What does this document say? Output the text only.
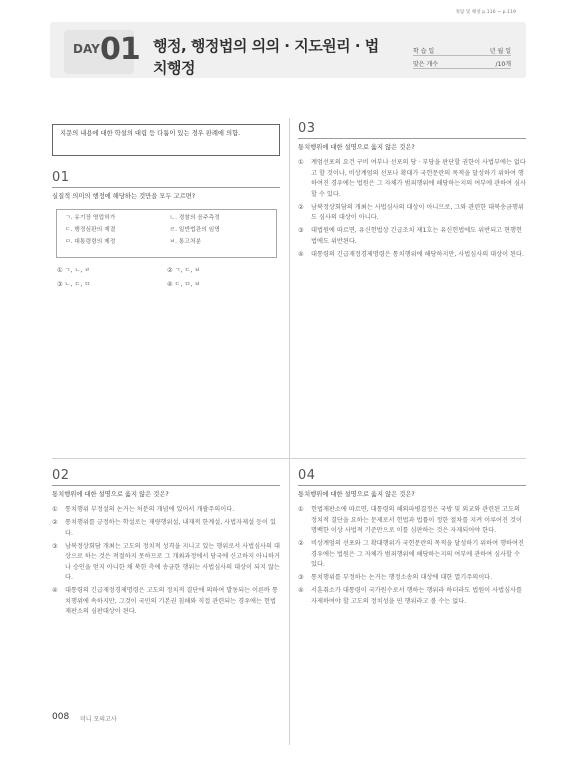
정답 및 해설 p.116 ~ p.119
DAY 01 행정, 행정법의 의의 · 지도원리 · 법치행정
학 습 일	년 월 일
맞은 개수	/10개
지문의 내용에 대한 학설의 대립 등 다툼이 있는 경우 판례에 의함.
01
실질적 의미의 행정에 해당하는 것만을 모두 고르면?
ㄱ. 유기장 영업허가	ㄴ. 경찰의 음주측정
ㄷ. 행정심판의 재결	ㄹ. 일반법관의 임명
ㅁ. 대통령령의 제정	ㅂ. 통고처분
① ㄱ, ㄴ, ㄹ	② ㄱ, ㄷ, ㅂ
③ ㄴ, ㄷ, ㅁ	④ ㄷ, ㅁ, ㅂ
02
통치행위에 대한 설명으로 옳지 않은 것은?
①	통치행위 부정설의 논거는 처분의 개념에 있어서 개괄주의이다.
②	통치행위를 긍정하는 학설로는 재량행위설, 내재적 한계설, 사법자제설 등이 있다.
③	남북정상회담 개최는 고도의 정치적 성격을 지니고 있는 행위로서 사법심사의 대상으로 하는 것은 적절하지 못하므로 그 개최과정에서 당국에 신고하지 아니하거나 승인을 얻지 아니한 채 북한 측에 송금한 행위는 사법심사의 대상이 되지 않는다.
④	대통령의 긴급재정경제명령은 고도의 정치적 결단에 의하여 발동되는 이른바 통치행위에 속하지만, 그것이 국민의 기본권 침해와 직접 관련되는 경우에는 헌법재판소의 심판대상이 된다.
03
통치행위에 대한 설명으로 옳지 않은 것은?
①	계엄선포의 요건 구비 여부나 선포의 당 · 부당을 판단할 권한이 사법부에는 없다고 할 것이나, 비상계엄의 선포나 확대가 국헌문란의 목적을 달성하기 위하여 행하여진 경우에는 법원은 그 자체가 범죄행위에 해당하는지의 여부에 관하여 심사할 수 있다.
②	남북정상회담의 개최는 사법심사의 대상이 아니므로, 그와 관련한 대북송금행위도 심사의 대상이 아니다.
③	대법원에 따르면, 유신헌법상 긴급조치 제1호는 유신헌법에도 위반되고 현행헌법에도 위반된다.
④	대통령의 긴급재정경제명령은 통치행위에 해당하지만, 사법심사의 대상이 된다.
04
통치행위에 대한 설명으로 옳지 않은 것은?
①	헌법재판소에 따르면, 대통령의 해외파병결정은 국방 및 외교와 관련된 고도의 정치적 결단을 요하는 문제로서 헌법과 법률이 정한 절차를 지켜 이루어진 것이 명백한 이상 사법적 기준만으로 이를 심판하는 것은 자제되어야 한다.
②	비상계엄의 선포와 그 확대행위가 국헌문란의 목적을 달성하기 위하여 행하여진 경우에는 법원은 그 자체가 범죄행위에 해당하는지의 여부에 관하여 심사할 수 있다.
③	통치행위를 부정하는 논거는 행정소송의 대상에 대한 열기주의이다.
④	서훈취소가 대통령이 국가원수로서 행하는 행위라 하더라도 법원이 사법심사를 자제하여야 할 고도의 정치성을 띤 행위라고 볼 수는 없다.
008 미니 모의고사
